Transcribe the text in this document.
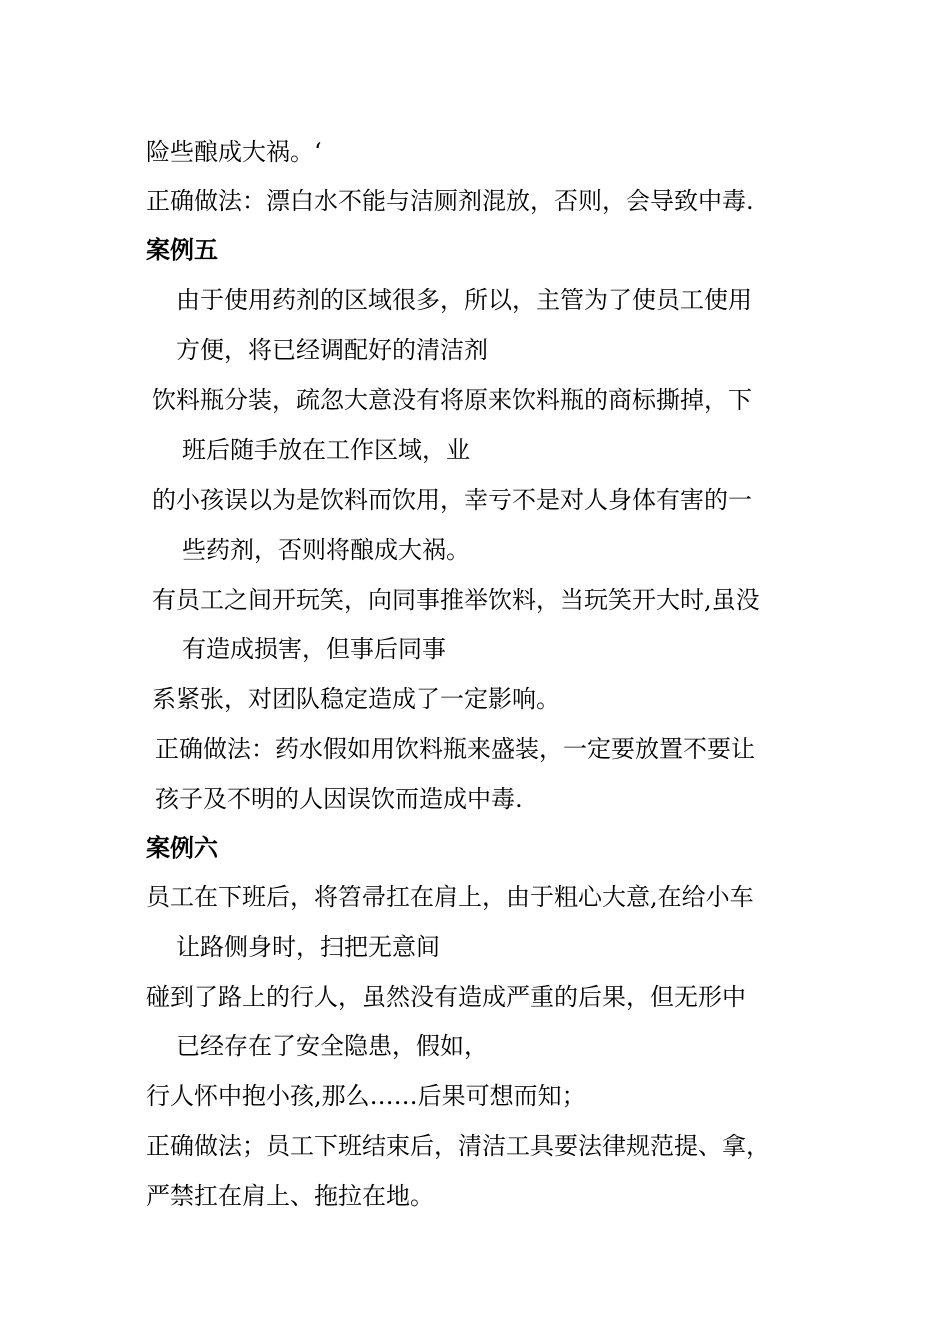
险些酿成大祸。‘
正确做法：漂白水不能与洁厕剂混放，否则，会导致中毒.
案例五
由于使用药剂的区域很多，所以，主管为了使员工使用
方便，将已经调配好的清洁剂
饮料瓶分装，疏忽大意没有将原来饮料瓶的商标撕掉，下
班后随手放在工作区域，业
的小孩误以为是饮料而饮用，幸亏不是对人身体有害的一
些药剂，否则将酿成大祸。
有员工之间开玩笑，向同事推举饮料，当玩笑开大时,虽没
有造成损害，但事后同事
系紧张，对团队稳定造成了一定影响。
正确做法：药水假如用饮料瓶来盛装，一定要放置不要让
孩子及不明的人因误饮而造成中毒.
案例六
员工在下班后，将笤帚扛在肩上，由于粗心大意,在给小车
让路侧身时，扫把无意间
碰到了路上的行人，虽然没有造成严重的后果，但无形中
已经存在了安全隐患，假如，
行人怀中抱小孩,那么……后果可想而知；
正确做法；员工下班结束后，清洁工具要法律规范提、拿，
严禁扛在肩上、拖拉在地。
